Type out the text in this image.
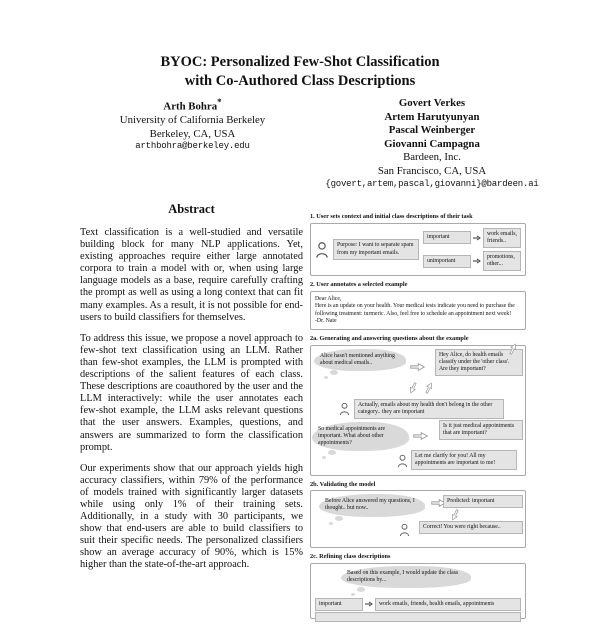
BYOC: Personalized Few-Shot Classification
with Co-Authored Class Descriptions
Arth Bohra*
University of California Berkeley
Berkeley, CA, USA
arthbohra@berkeley.edu
Govert Verkes
Artem Harutyunyan
Pascal Weinberger
Giovanni Campagna
Bardeen, Inc.
San Francisco, CA, USA
{govert,artem,pascal,giovanni}@bardeen.ai
Abstract

Text classification is a well-studied and versatile building block for many NLP applications. Yet, existing approaches require either large annotated corpora to train a model with or, when using large language models as a base, require carefully crafting the prompt as well as using a long context that can fit many examples. As a result, it is not possible for end-users to build classifiers for themselves.

To address this issue, we propose a novel approach to few-shot text classification using an LLM. Rather than few-shot examples, the LLM is prompted with descriptions of the salient features of each class. These descriptions are coauthored by the user and the LLM interactively: while the user annotates each few-shot example, the LLM asks relevant questions that the user answers. Examples, questions, and answers are summarized to form the classification prompt.

Our experiments show that our approach yields high accuracy classifiers, within 79% of the performance of models trained with significantly larger datasets while using only 1% of their training sets. Additionally, in a study with 30 participants, we show that end-users are able to build classifiers to suit their specific needs. The personalized classifiers show an average accuracy of 90%, which is 15% higher than the state-of-the-art approach.

1. User sets context and initial class descriptions of their task
Purpose: I want to separate spam from my important emails.
important
work emails, friends..
unimportant
promotions, other...
2. User annotates a selected example

Dear Alice,

Here is an update on your health. Your medical tests indicate you need to purchase the following treatment: turmeric. Also, feel free to schedule an appointment next week!

-Dr. Nate

2a. Generating and answering questions about the example
Alice hasn't mentioned anything about medical emails..
Hey Alice, do health emails classify under the 'other class'. Are they important?
Actually, emails about my health don't belong in the other category.. they are important
So medical appointments are important. What about other appointments?
Is it just medical appointments that are important?
Let me clarify for you! All my appointments are important to me!
2b. Validating the model
Before Alice answered my questions, I thought.. but now..
Predicted: important
Correct! You were right because..
2c. Refining class descriptions
Based on this example, I would update the class descriptions by...
important	work emails, friends, health emails, appointments
